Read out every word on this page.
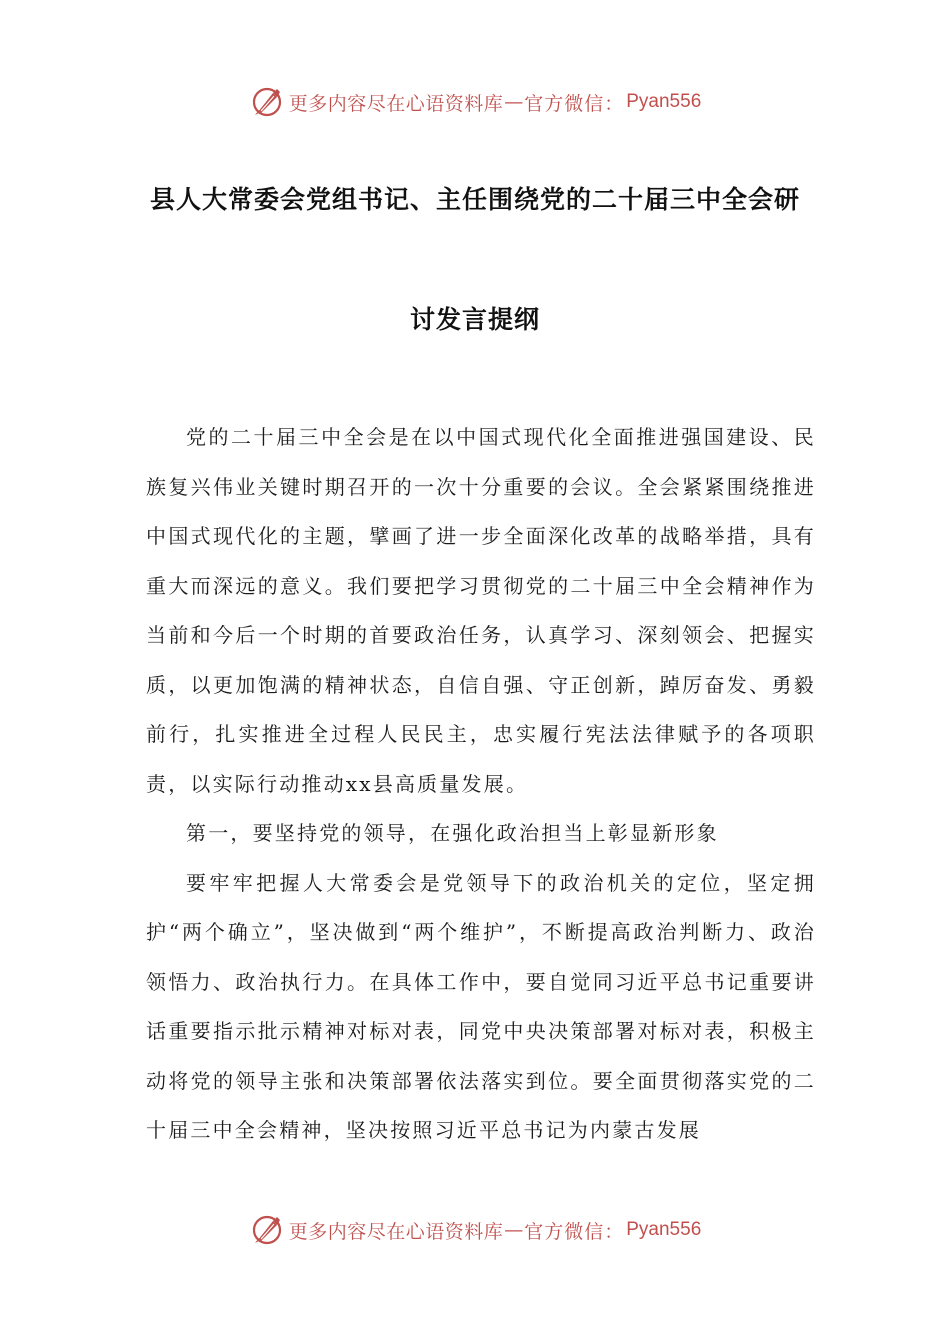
更多内容尽在心语资料库 — 官方微信： Pyan556
县人大常委会党组书记、主任围绕党的二十届三中全会研
讨发言提纲

党的二十届三中全会是在以中国式现代化全面推进强国建设、民族复兴伟业关键时期召开的一次十分重要的会议。全会紧紧围绕推进中国式现代化的主题，擘画了进一步全面深化改革的战略举措，具有重大而深远的意义。我们要把学习贯彻党的二十届三中全会精神作为当前和今后一个时期的首要政治任务，认真学习、深刻领会、把握实质，以更加饱满的精神状态，自信自强、守正创新，踔厉奋发、勇毅前行，扎实推进全过程人民民主，忠实履行宪法法律赋予的各项职责，以实际行动推动xx县高质量发展。

第一，要坚持党的领导，在强化政治担当上彰显新形象

要牢牢把握人大常委会是党领导下的政治机关的定位，坚定拥护“两个确立”，坚决做到“两个维护”，不断提高政治判断力、政治领悟力、政治执行力。在具体工作中，要自觉同习近平总书记重要讲话重要指示批示精神对标对表，同党中央决策部署对标对表，积极主动将党的领导主张和决策部署依法落实到位。要全面贯彻落实党的二十届三中全会精神，坚决按照习近平总书记为内蒙古发展

更多内容尽在心语资料库 — 官方微信： Pyan556
